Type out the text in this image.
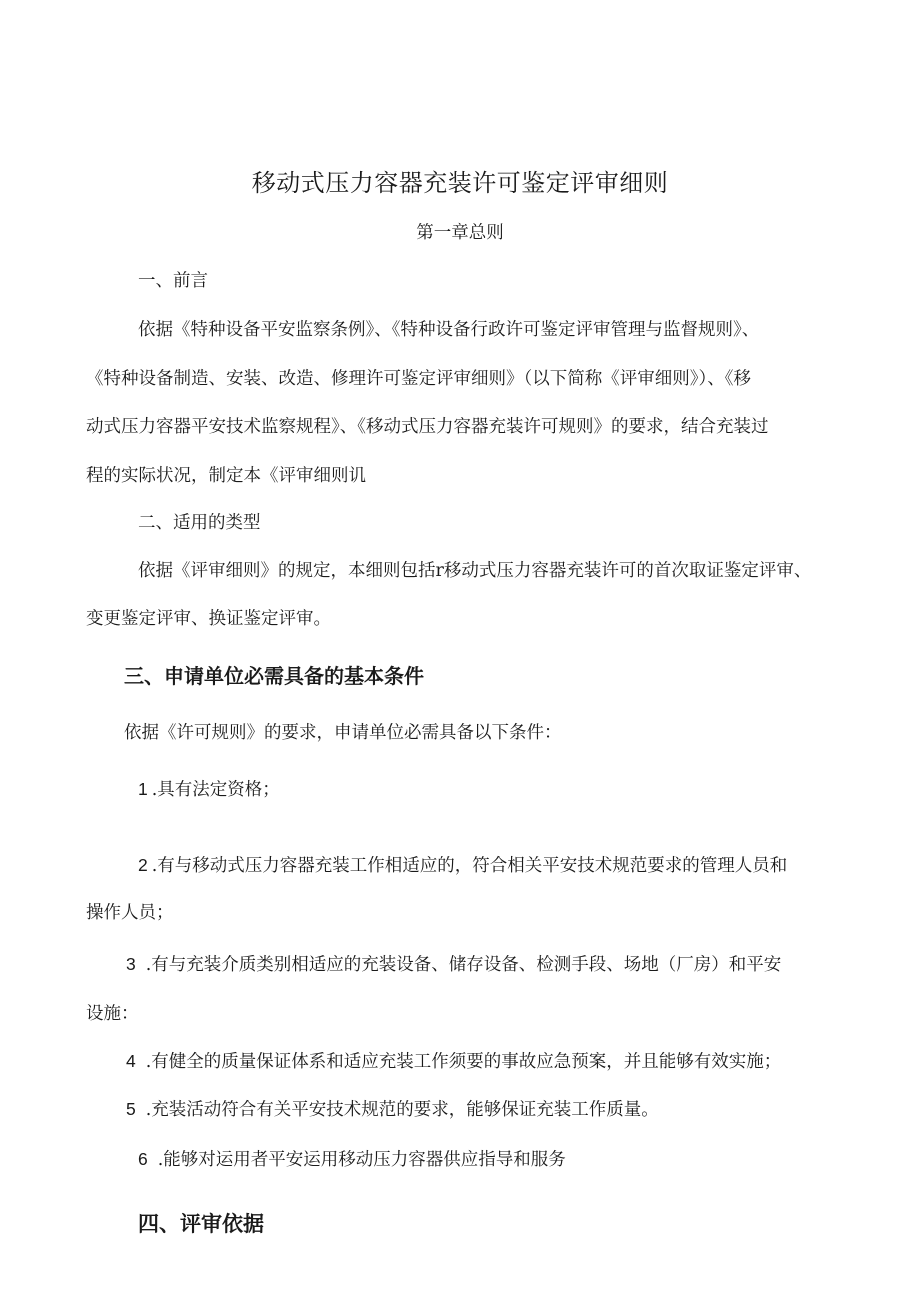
移动式压力容器充装许可鉴定评审细则
第一章总则
一、前言
依据《特种设备平安监察条例》、《特种设备行政许可鉴定评审管理与监督规则》、
《特种设备制造、安装、改造、修理许可鉴定评审细则》（以下简称《评审细则》）、《移
动式压力容器平安技术监察规程》、《移动式压力容器充装许可规则》的要求，结合充装过
程的实际状况，制定本《评审细则讥
二、适用的类型
依据《评审细则》的规定，本细则包括r移动式压力容器充装许可的首次取证鉴定评审、
变更鉴定评审、换证鉴定评审。
三、申请单位必需具备的基本条件
依据《许可规则》的要求，申请单位必需具备以下条件：
1 .具有法定资格；
2 .有与移动式压力容器充装工作相适应的，符合相关平安技术规范要求的管理人员和
操作人员；
3 .有与充装介质类别相适应的充装设备、储存设备、检测手段、场地（厂房）和平安
设施：
4 .有健全的质量保证体系和适应充装工作须要的事故应急预案，并且能够有效实施；
5 .充装活动符合有关平安技术规范的要求，能够保证充装工作质量。
6 .能够对运用者平安运用移动压力容器供应指导和服务
四、评审依据
